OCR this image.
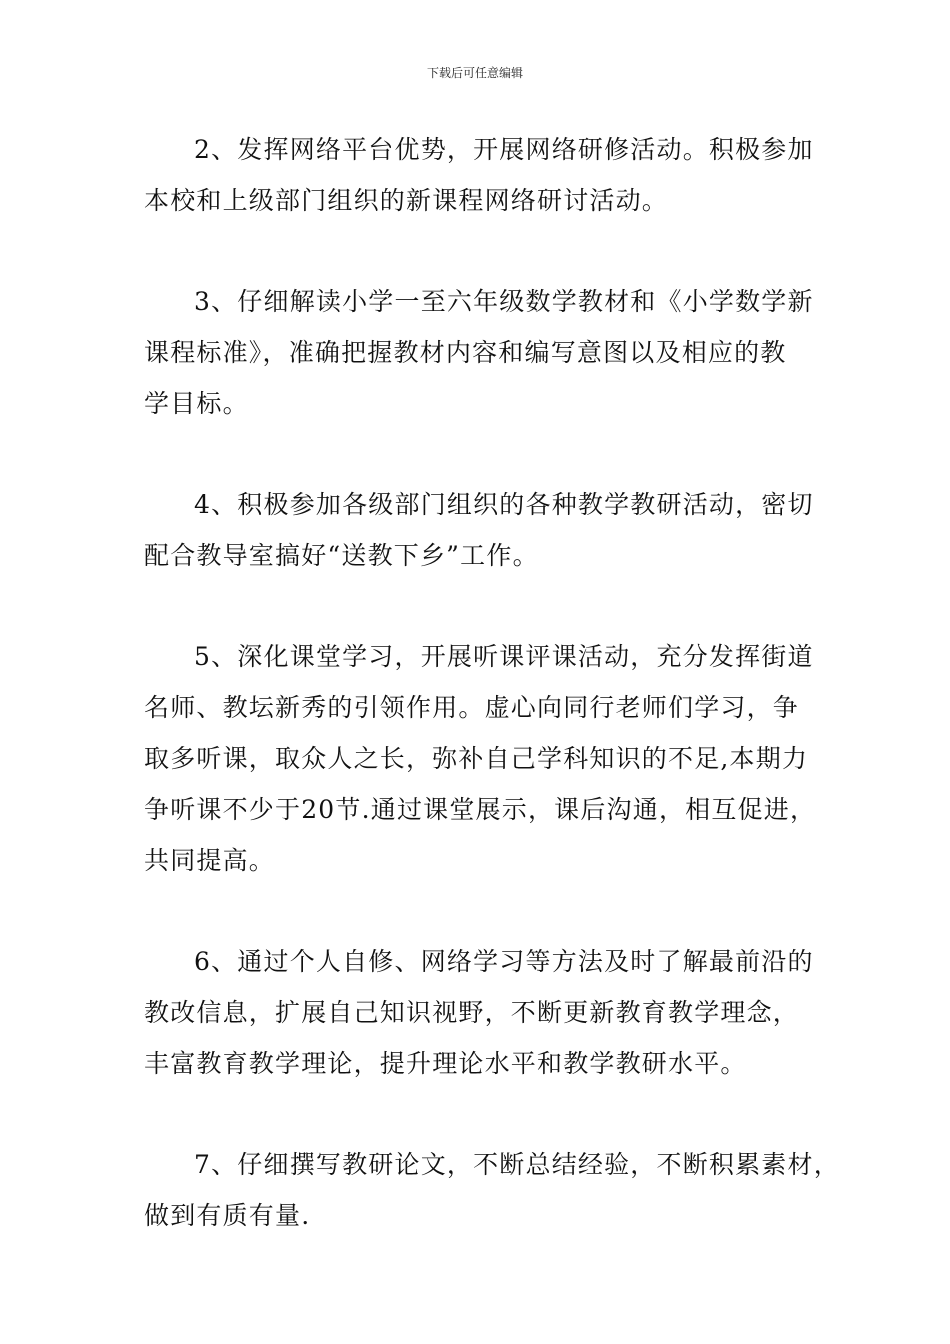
下载后可任意编辑
2、发挥网络平台优势，开展网络研修活动。积极参加
本校和上级部门组织的新课程网络研讨活动。
3、仔细解读小学一至六年级数学教材和《小学数学新
课程标准》，准确把握教材内容和编写意图以及相应的教
学目标。
4、积极参加各级部门组织的各种教学教研活动，密切
配合教导室搞好“送教下乡”工作。
5、深化课堂学习，开展听课评课活动，充分发挥街道
名师、教坛新秀的引领作用。虚心向同行老师们学习，争
取多听课，取众人之长，弥补自己学科知识的不足,本期力
争听课不少于20节.通过课堂展示，课后沟通，相互促进，
共同提高。
6、通过个人自修、网络学习等方法及时了解最前沿的
教改信息，扩展自己知识视野，不断更新教育教学理念，
丰富教育教学理论，提升理论水平和教学教研水平。
7、仔细撰写教研论文，不断总结经验，不断积累素材，
做到有质有量.
